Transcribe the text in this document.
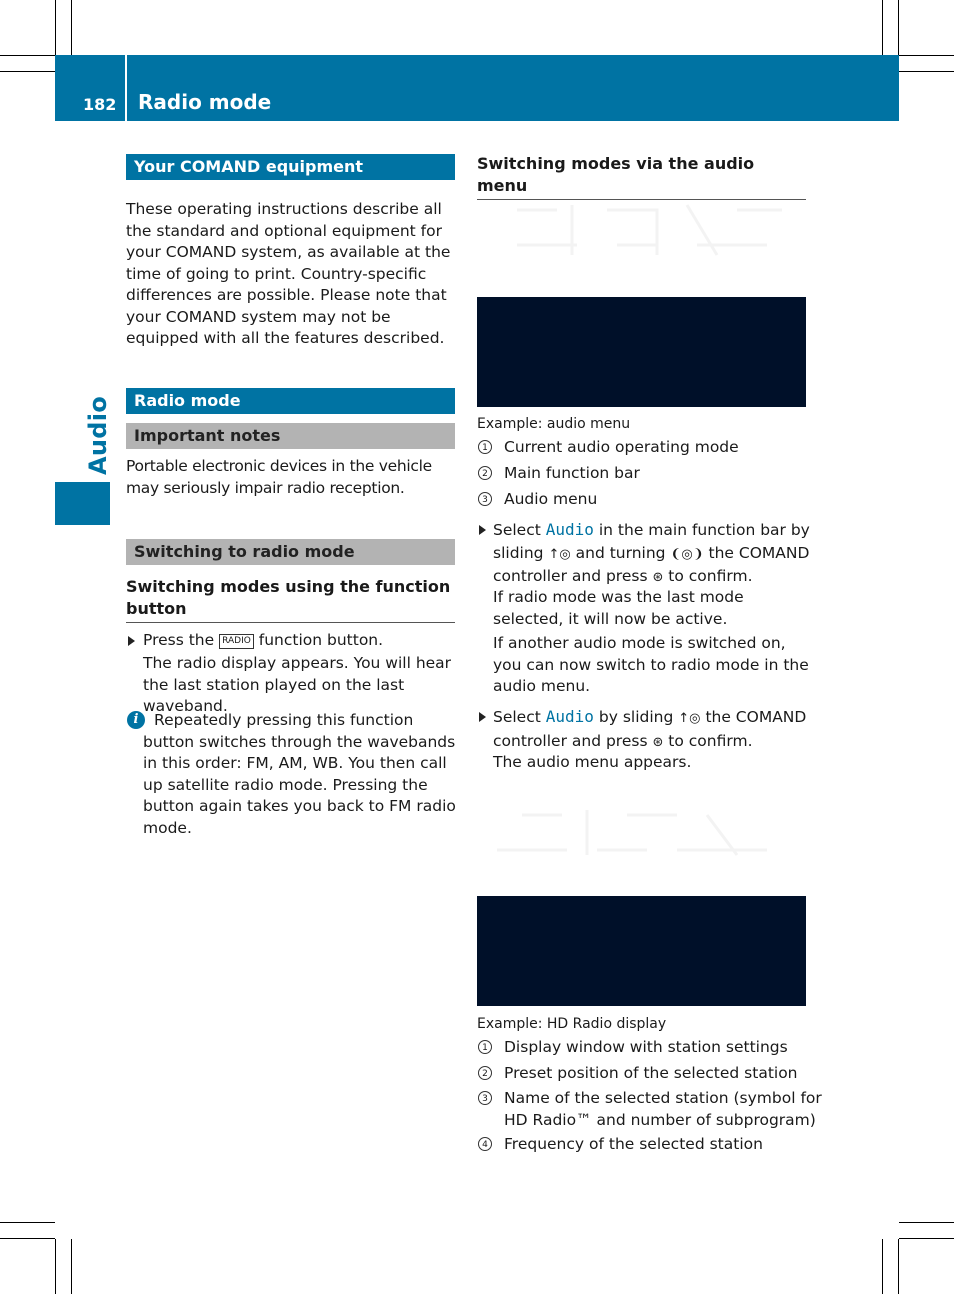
182 Radio mode
Audio
Your COMAND equipment
These operating instructions describe all the standard and optional equipment for your COMAND system, as available at the time of going to print. Country-specific differences are possible. Please note that your COMAND system may not be equipped with all the features described.
Radio mode
Important notes
Portable electronic devices in the vehicle may seriously impair radio reception.
Switching to radio mode
Switching modes using the function button
Press the RADIO function button.
The radio display appears. You will hear the last station played on the last waveband.
i	Repeatedly pressing this function button switches through the wavebands in this order: FM, AM, WB. You then call up satellite radio mode. Pressing the button again takes you back to FM radio mode.
Switching modes via the audio menu
Example: audio menu
1 Current audio operating mode
2 Main function bar
3 Audio menu

Select Audio in the main function bar by

sliding ↑◎ and turning ❨◎❩ the COMAND

controller and press ⊛ to confirm.

If radio mode was the last mode selected, it will now be active.
If another audio mode is switched on, you can now switch to radio mode in the audio menu.

Select Audio by sliding ↑◎ the COMAND

controller and press ⊛ to confirm.

The audio menu appears.
Example: HD Radio display
1 Display window with station settings
2 Preset position of the selected station
3 Name of the selected station (symbol for
HD Radio™ and number of subprogram)
4 Frequency of the selected station
